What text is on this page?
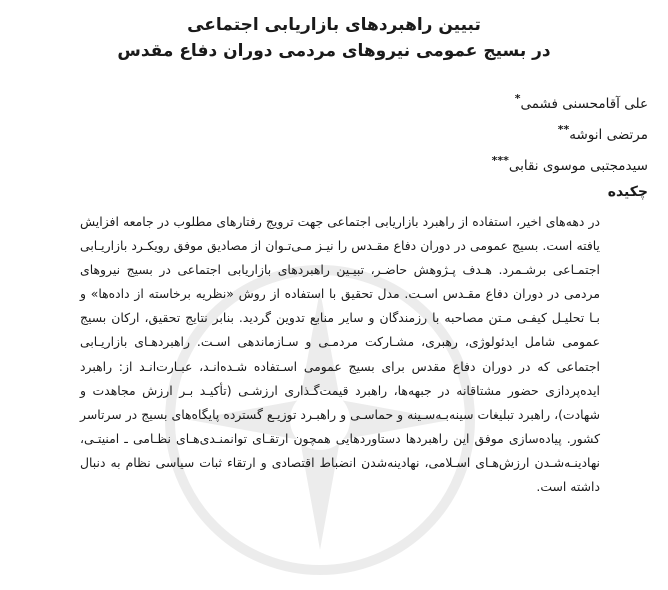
تبیین راهبردهای بازاریابی اجتماعی
در بسیج عمومی نیروهای مردمی دوران دفاع مقدس
علی آقامحسنی فشمی*
مرتضی انوشه**
سیدمجتبی موسوی نقابی***
چکیده

در دهه‌های اخیر، استفاده از راهبرد بازاریابی اجتماعی جهت ترویج رفتارهای مطلوب در جامعه افزایش یافته است. بسیج عمومی در دوران دفاع مقـدس را نیـز مـی‌تـوان از مصادیق موفق رویکـرد بازاریـابی اجتمـاعی برشـمرد. هـدف پـژوهش حاضـر، تبیـین راهبردهای بازاریابی اجتماعی در بسیج نیروهای مردمی در دوران دفاع مقـدس اسـت. مدل تحقیق با استفاده از روش «نظریه برخاسته از داده‌ها» و بـا تحلیـل کیفـی مـتن مصاحبه با رزمندگان و سایر منابع تدوین گردید. بنابر نتایج تحقیق، ارکان بسیج عمومی شامل ایدئولوژی، رهبری، مشـارکت مردمـی و سـازماندهی اسـت. راهبردهـای بازاریـابی اجتماعی که در دوران دفاع مقدس برای بسیج عمومی اسـتفاده شـده‌انـد، عبـارت‌انـد از: راهبرد ایده‌پردازی حضور مشتاقانه در جبهه‌ها، راهبرد قیمت‌گـذاری ارزشـی (تأکیـد بـر ارزش مجاهدت و شهادت)، راهبرد تبلیغات سینه‌بـه‌سـینه و حماسـی و راهبـرد توزیـع گسترده پایگاه‌های بسیج در سرتاسر کشور. پیاده‌سازی موفق این راهبردها دستاوردهایی همچون ارتقـای توانمنـدی‌هـای نظـامی ـ امنیتـی، نهادینـه‌شـدن ارزش‌هـای اسـلامی، نهادینه‌شدن انضباط اقتصادی و ارتقاء ثبات سیاسی نظام به دنبال داشته است.
